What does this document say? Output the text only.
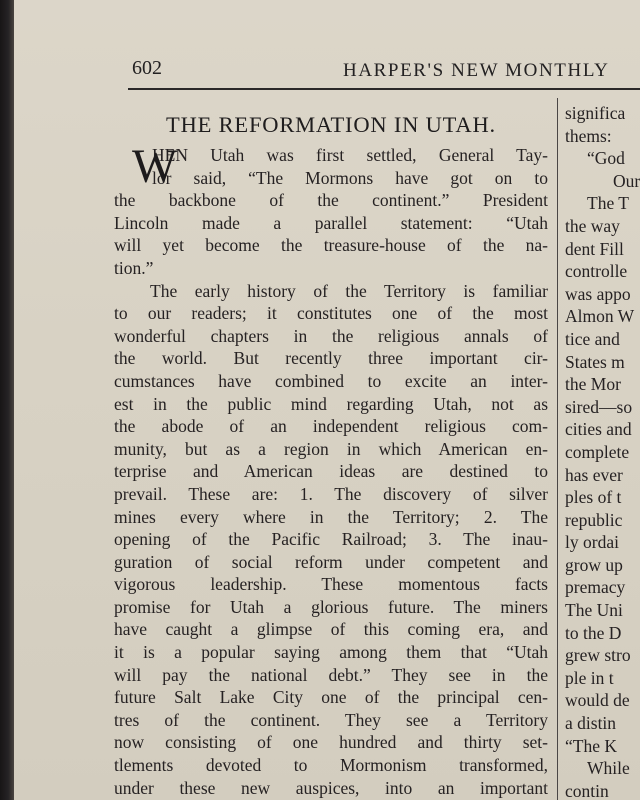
602	HARPER'S NEW MONTHLY

THE REFORMATION IN UTAH.
W

HEN Utah was first settled, General Tay-

lor said, “The Mormons have got on to

the backbone of the continent.” President

Lincoln made a parallel statement: “Utah

will yet become the treasure-house of the na-

tion.”

The early history of the Territory is familiar

to our readers; it constitutes one of the most

wonderful chapters in the religious annals of

the world. But recently three important cir-

cumstances have combined to excite an inter-

est in the public mind regarding Utah, not as

the abode of an independent religious com-

munity, but as a region in which American en-

terprise and American ideas are destined to

prevail. These are: 1. The discovery of silver

mines every where in the Territory; 2. The

opening of the Pacific Railroad; 3. The inau-

guration of social reform under competent and

vigorous leadership. These momentous facts

promise for Utah a glorious future. The miners

have caught a glimpse of this coming era, and

it is a popular saying among them that “Utah

will pay the national debt.” They see in the

future Salt Lake City one of the principal cen-

tres of the continent. They see a Territory

now consisting of one hundred and thirty set-

tlements devoted to Mormonism transformed,

under these new auspices, into an important

significa

thems:

“God

Our

The T

the way

dent Fill

controlle

was appo

Almon W

tice and

States m

the Mor

sired—so

cities and

complete

has ever

ples of t

republic

ly ordai

grow up

premacy

The Uni

to the D

grew stro

ple in t

would de

a distin

“The K

While

contin
